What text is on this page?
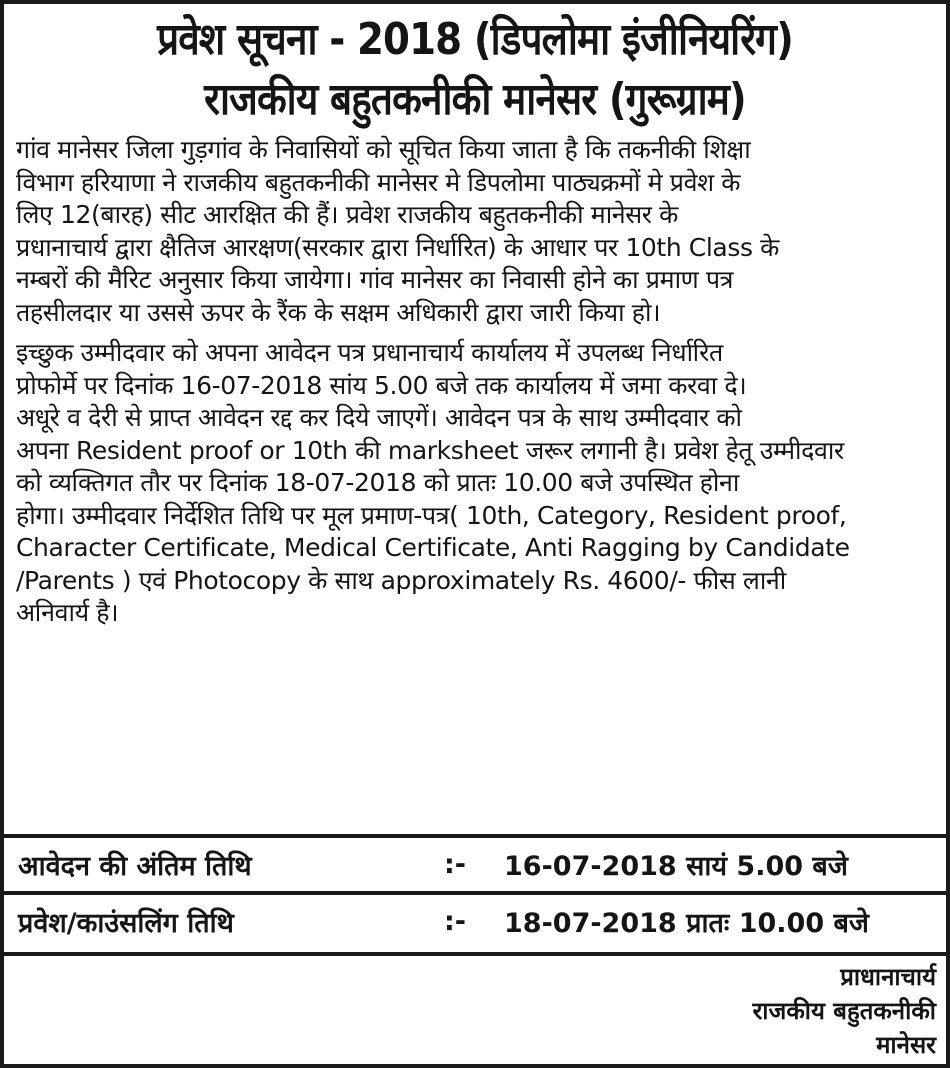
प्रवेश सूचना - 2018 (डिपलोमा इंजीनियरिंग)
राजकीय बहुतकनीकी मानेसर (गुरूग्राम)
गांव मानेसर जिला गुड़गांव के निवासियों को सूचित किया जाता है कि तकनीकी शिक्षा
विभाग हरियाणा ने राजकीय बहुतकनीकी मानेसर मे डिपलोमा पाठ्यक्रमों मे प्रवेश के
लिए 12(बारह) सीट आरक्षित की हैं। प्रवेश राजकीय बहुतकनीकी मानेसर के
प्रधानाचार्य द्वारा क्षैतिज आरक्षण(सरकार द्वारा निर्धारित) के आधार पर 10th Class के
नम्बरों की मैरिट अनुसार किया जायेगा। गांव मानेसर का निवासी होने का प्रमाण पत्र
तहसीलदार या उससे ऊपर के रैंक के सक्षम अधिकारी द्वारा जारी किया हो।
इच्छुक उम्मीदवार को अपना आवेदन पत्र प्रधानाचार्य कार्यालय में उपलब्ध निर्धारित
प्रोफोर्मे पर दिनांक 16-07-2018 सांय 5.00 बजे तक कार्यालय में जमा करवा दे।
अधूरे व देरी से प्राप्त आवेदन रद्द कर दिये जाएगें। आवेदन पत्र के साथ उम्मीदवार को
अपना Resident proof or 10th की marksheet जरूर लगानी है। प्रवेश हेतू उम्मीदवार
को व्यक्तिगत तौर पर दिनांक 18-07-2018 को प्रातः 10.00 बजे उपस्थित होना
होगा। उम्मीदवार निर्देशित तिथि पर मूल प्रमाण-पत्र( 10th, Category, Resident proof,
Character Certificate, Medical Certificate, Anti Ragging by Candidate
/Parents ) एवं Photocopy के साथ approximately Rs. 4600/- फीस लानी
अनिवार्य है।
आवेदन की अंतिम तिथि	:-	16-07-2018 सायं 5.00 बजे
प्रवेश/काउंसलिंग तिथि	:-	18-07-2018 प्रातः 10.00 बजे
प्राधानाचार्य
राजकीय बहुतकनीकी
मानेसर
